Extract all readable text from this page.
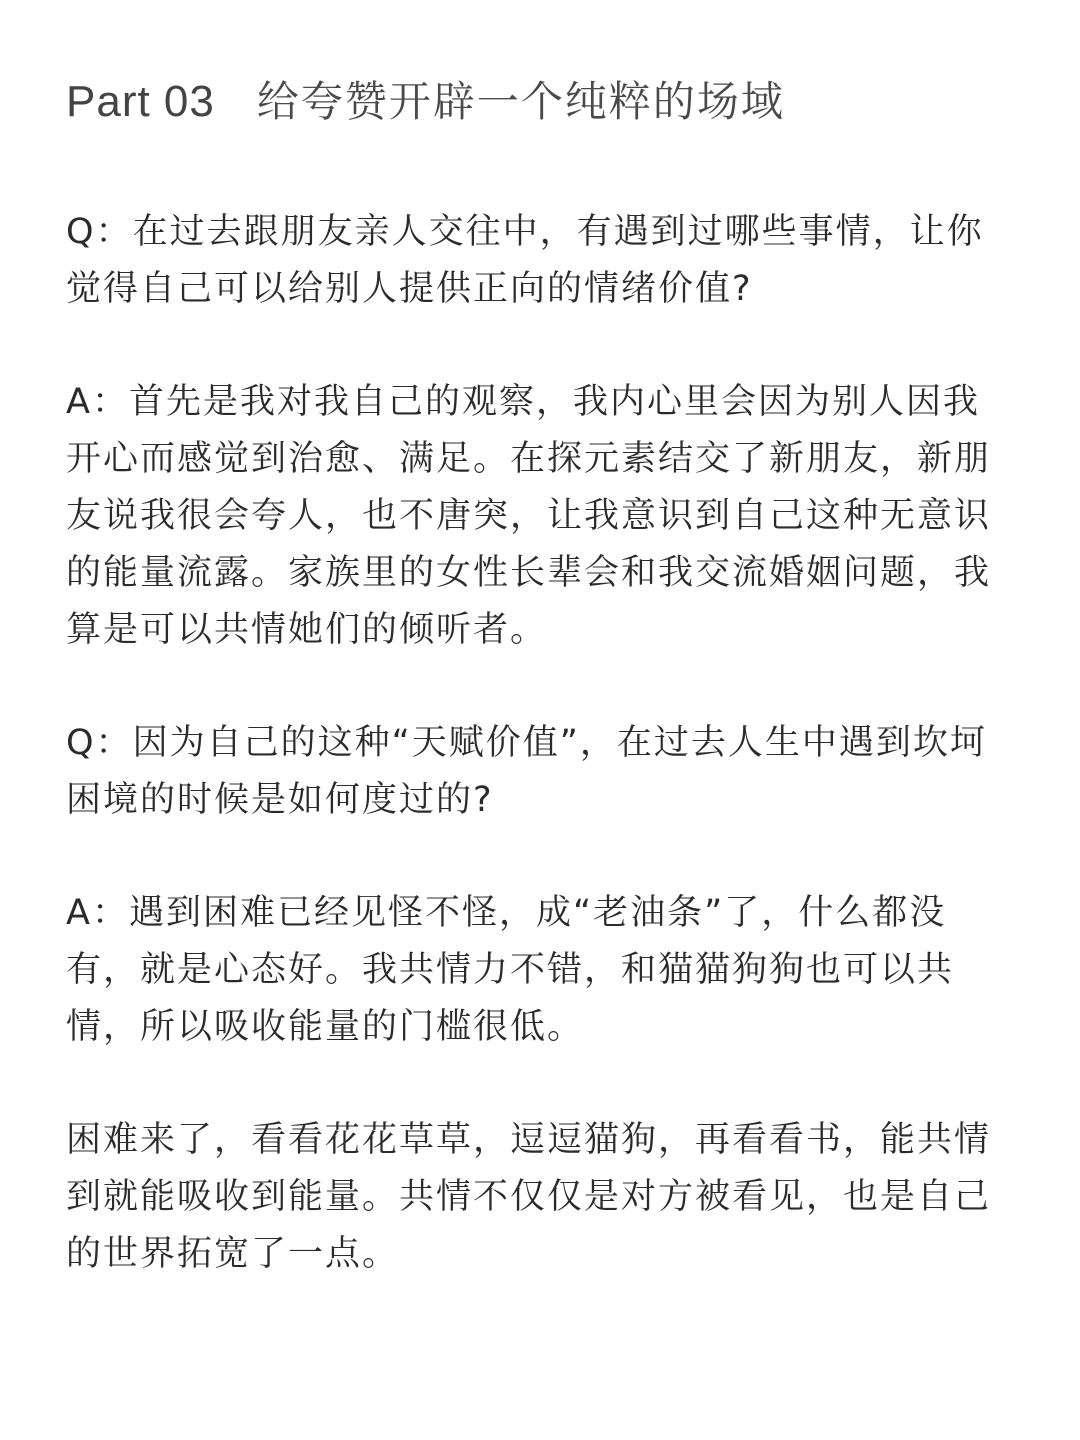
Part 03 给夸赞开辟一个纯粹的场域

Q：在过去跟朋友亲人交往中，有遇到过哪些事情，让你觉得自己可以给别人提供正向的情绪价值?

A：首先是我对我自己的观察，我内心里会因为别人因我开心而感觉到治愈、满足。在探元素结交了新朋友，新朋友说我很会夸人，也不唐突，让我意识到自己这种无意识的能量流露。家族里的女性长辈会和我交流婚姻问题，我算是可以共情她们的倾听者。

Q：因为自己的这种“天赋价值”，在过去人生中遇到坎坷困境的时候是如何度过的?

A：遇到困难已经见怪不怪，成“老油条”了，什么都没有，就是心态好。我共情力不错，和猫猫狗狗也可以共情，所以吸收能量的门槛很低。

困难来了，看看花花草草，逗逗猫狗，再看看书，能共情到就能吸收到能量。共情不仅仅是对方被看见，也是自己的世界拓宽了一点。
